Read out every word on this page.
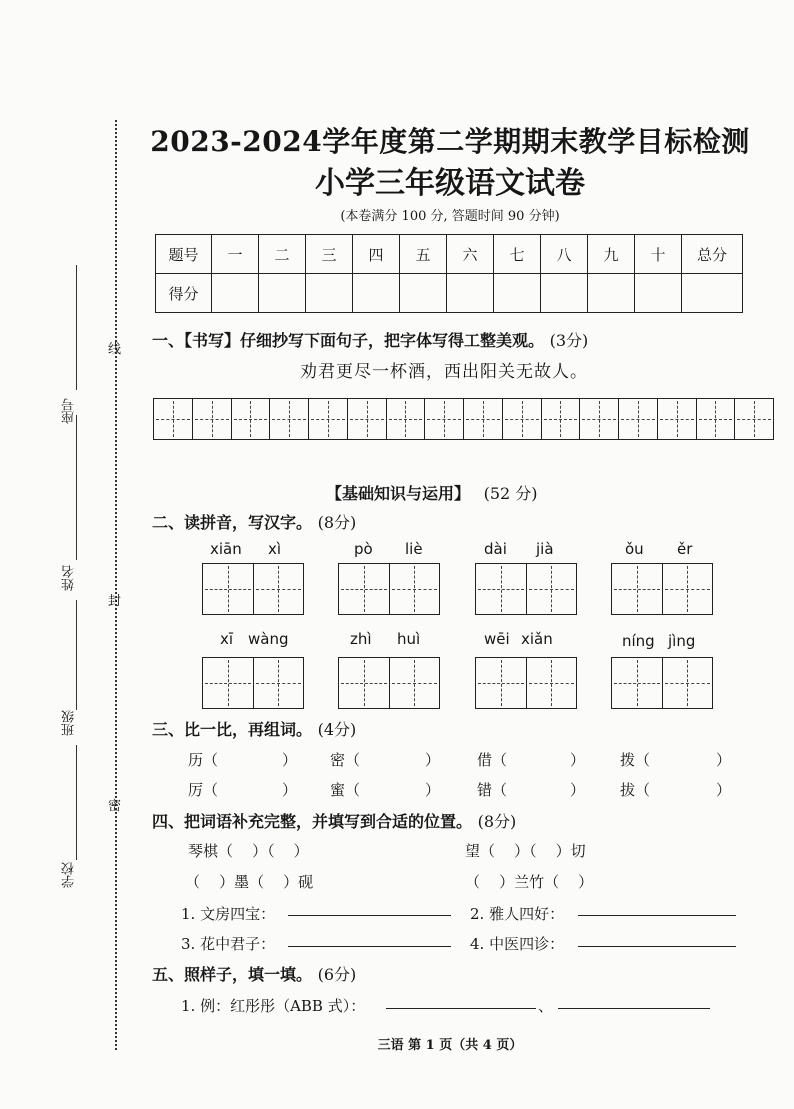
座号
线
姓名
封
班级
密
学校
2023-2024学年度第二学期期末教学目标检测
小学三年级语文试卷
(本卷满分 100 分, 答题时间 90 分钟)
题号	一	二	三	四	五	六	七	八	九	十	总分
得分											
一、【书写】仔细抄写下面句子，把字体写得工整美观。 (3分)
劝君更尽一杯酒，西出阳关无故人。
【基础知识与运用】 (52 分)
二、读拼音，写汉字。 (8分)
xiān xì	pò liè	dài jià	ǒu ěr
xī wàng	zhì huì	wēi xiǎn	níng jìng
三、比一比，再组词。 (4分)
历（	） 密（	） 借（	） 拨（	）
厉（	） 蜜（	） 错（	） 拔（	）
四、把词语补充完整，并填写到合适的位置。 (8分)
琴棋（    ）（    ）	望（    ）（    ）切
（    ）墨（    ）砚	（    ）兰竹（    ）
1. 文房四宝：	2. 雅人四好：
3. 花中君子：	4. 中医四诊：
五、照样子，填一填。 (6分)
1. 例：红彤彤（ABB 式）：	、
三语 第 1 页（共 4 页）
